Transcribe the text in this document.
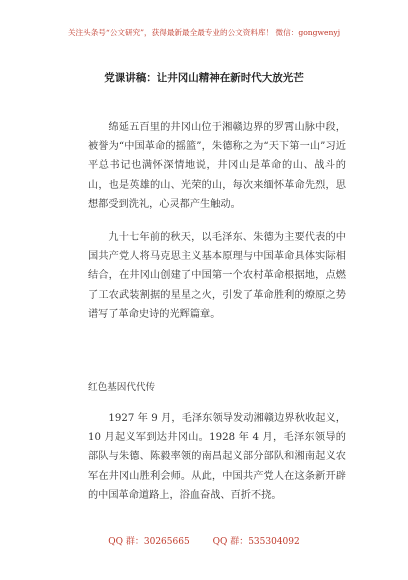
关注头条号“公文研究”，获得最新最全最专业的公文资料库！ 微信：gongwenyj
党课讲稿：让井冈山精神在新时代大放光芒

绵延五百里的井冈山位于湘赣边界的罗霄山脉中段，被誉为“中国革命的摇篮”，朱德称之为“天下第一山”习近平总书记也满怀深情地说，井冈山是革命的山、战斗的山，也是英雄的山、光荣的山，每次来缅怀革命先烈，思想都受到洗礼，心灵都产生触动。

九十七年前的秋天，以毛泽东、朱德为主要代表的中国共产党人将马克思主义基本原理与中国革命具体实际相结合，在井冈山创建了中国第一个农村革命根据地，点燃了工农武装割据的星星之火，引发了革命胜利的燎原之势谱写了革命史诗的光辉篇章。

红色基因代代传

1927 年 9 月，毛泽东领导发动湘赣边界秋收起义，10 月起义军到达井冈山。1928 年 4 月，毛泽东领导的部队与朱德、陈毅率领的南昌起义部分部队和湘南起义农军在井冈山胜利会师。从此，中国共产党人在这条新开辟的中国革命道路上，浴血奋战、百折不挠。

QQ 群：30265665	QQ 群：535304092
